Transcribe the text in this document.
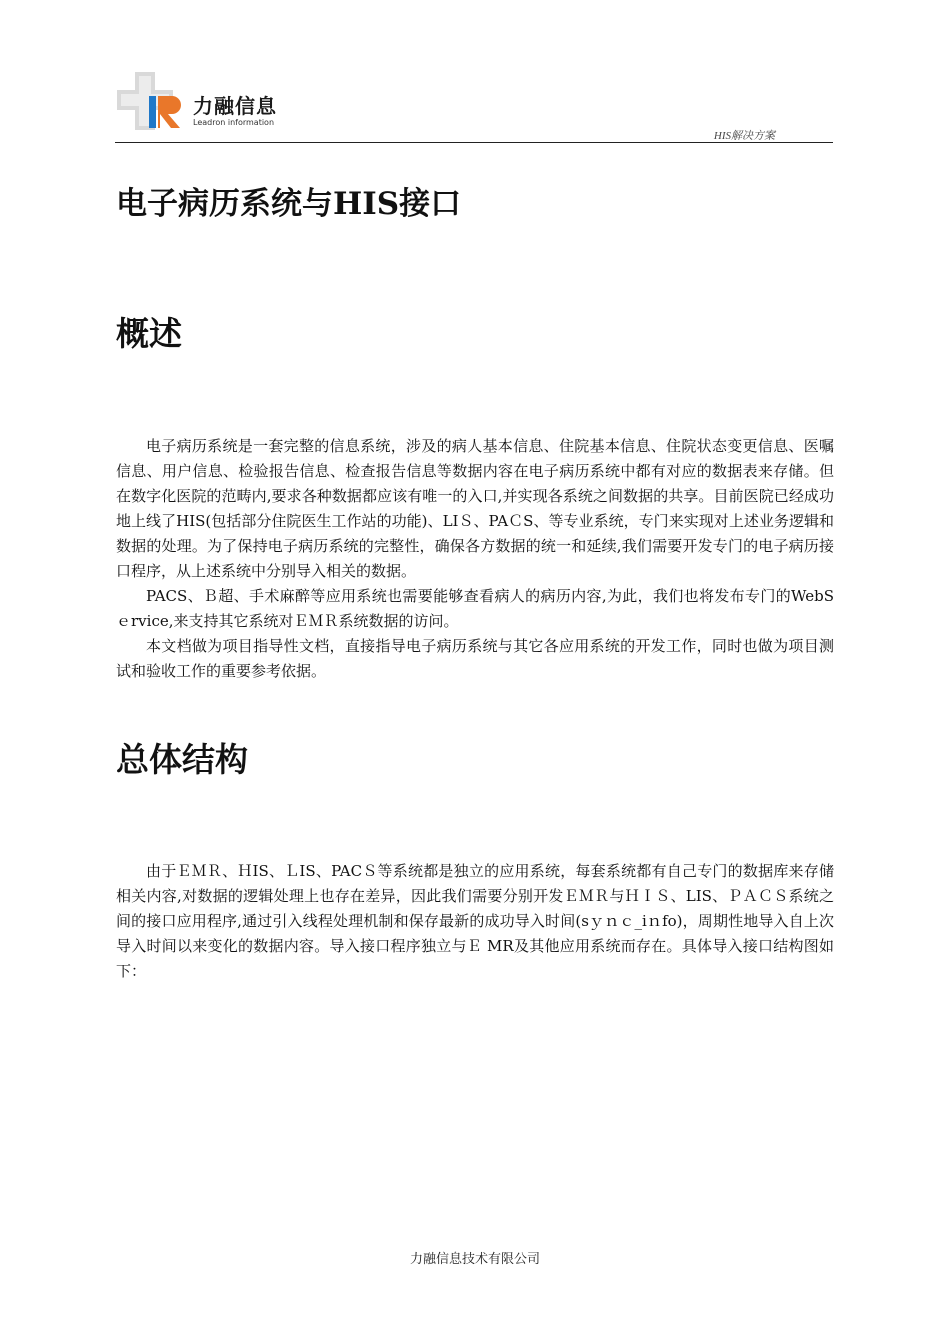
力融信息
Leadron information
HIS解决方案
电子病历系统与HIS接口
概述

电子病历系统是一套完整的信息系统，涉及的病人基本信息、住院基本信息、住院状态变更信息、医嘱信息、用户信息、检验报告信息、检查报告信息等数据内容在电子病历系统中都有对应的数据表来存储。但在数字化医院的范畴内,要求各种数据都应该有唯一的入口,并实现各系统之间数据的共享。目前医院已经成功地上线了HIS(包括部分住院医生工作站的功能)、LIＳ、PAＣS、等专业系统，专门来实现对上述业务逻辑和数据的处理。为了保持电子病历系统的完整性，确保各方数据的统一和延续,我们需要开发专门的电子病历接口程序，从上述系统中分别导入相关的数据。

PACS、Ｂ超、手术麻醉等应用系统也需要能够查看病人的病历内容,为此，我们也将发布专门的WebSｅrvice,来支持其它系统对ＥＭＲ系统数据的访问。

本文档做为项目指导性文档，直接指导电子病历系统与其它各应用系统的开发工作，同时也做为项目测试和验收工作的重要参考依据。

总体结构

由于ＥＭＲ、ＨIS、ＬIS、PACＳ等系统都是独立的应用系统，每套系统都有自己专门的数据库来存储相关内容,对数据的逻辑处理上也存在差异，因此我们需要分别开发ＥＭＲ与ＨＩＳ、LIS、ＰＡＣＳ系统之间的接口应用程序,通过引入线程处理机制和保存最新的成功导入时间(sｙｎｃ_iｎfo)，周期性地导入自上次导入时间以来变化的数据内容。导入接口程序独立与Ｅ MR及其他应用系统而存在。具体导入接口结构图如下：

力融信息技术有限公司
